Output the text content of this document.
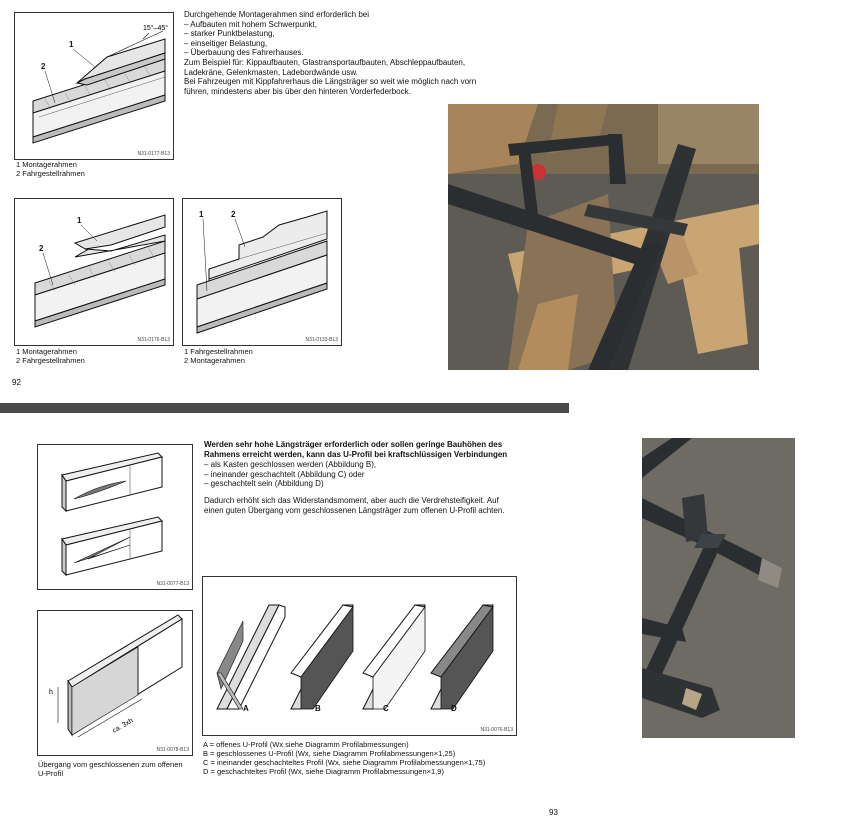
15°–45°
1
2
N31-0177-B13
1 Montagerahmen
2 Fahrgestellrahmen
Durchgehende Montagerahmen sind erforderlich bei
– Aufbauten mit hohem Schwerpunkt,
– starker Punktbelastung,
– einseitiger Belastung,
– Überbauung des Fahrerhauses.
Zum Beispiel für: Kippaufbauten, Glastransportaufbauten, Abschleppaufbauten,
Ladekräne, Gelenkmasten, Ladebordwände usw.
Bei Fahrzeugen mit Kippfahrerhaus die Längsträger so weit wie möglich nach vorn
führen, mindestens aber bis über den hinteren Vorderfederbock.
1
2
N31-0176-B13
1 Montagerahmen
2 Fahrgestellrahmen
1	2
N31-0133-B13
1 Fahrgestellrahmen
2 Montagerahmen
92
N31-0077-B13
Werden sehr hohe Längsträger erforderlich oder sollen geringe Bauhöhen des
Rahmens erreicht werden, kann das U-Profil bei kraftschlüssigen Verbindungen
– als Kasten geschlossen werden (Abbildung B),
– ineinander geschachtelt (Abbildung C) oder
– geschachtelt sein (Abbildung D)
Dadurch erhöht sich das Widerstandsmoment, aber auch die Verdrehsteifigkeit. Auf
einen guten Übergang vom geschlossenen Längsträger zum offenen U-Profil achten.
h
ca. 3xh
N31-0078-B13
Übergang vom geschlossenen zum offenen
U-Profil
A	B	C	D
N31-0076-B13
A = offenes U-Profil (Wx siehe Diagramm Profilabmessungen)
B = geschlossenes U-Profil (Wx, siehe Diagramm Profilabmessungen×1,25)
C = ineinander geschachteltes Profil (Wx, siehe Diagramm Profilabmessungen×1,75)
D = geschachteltes Profil (Wx, siehe Diagramm Profilabmessungen×1,9)
93
